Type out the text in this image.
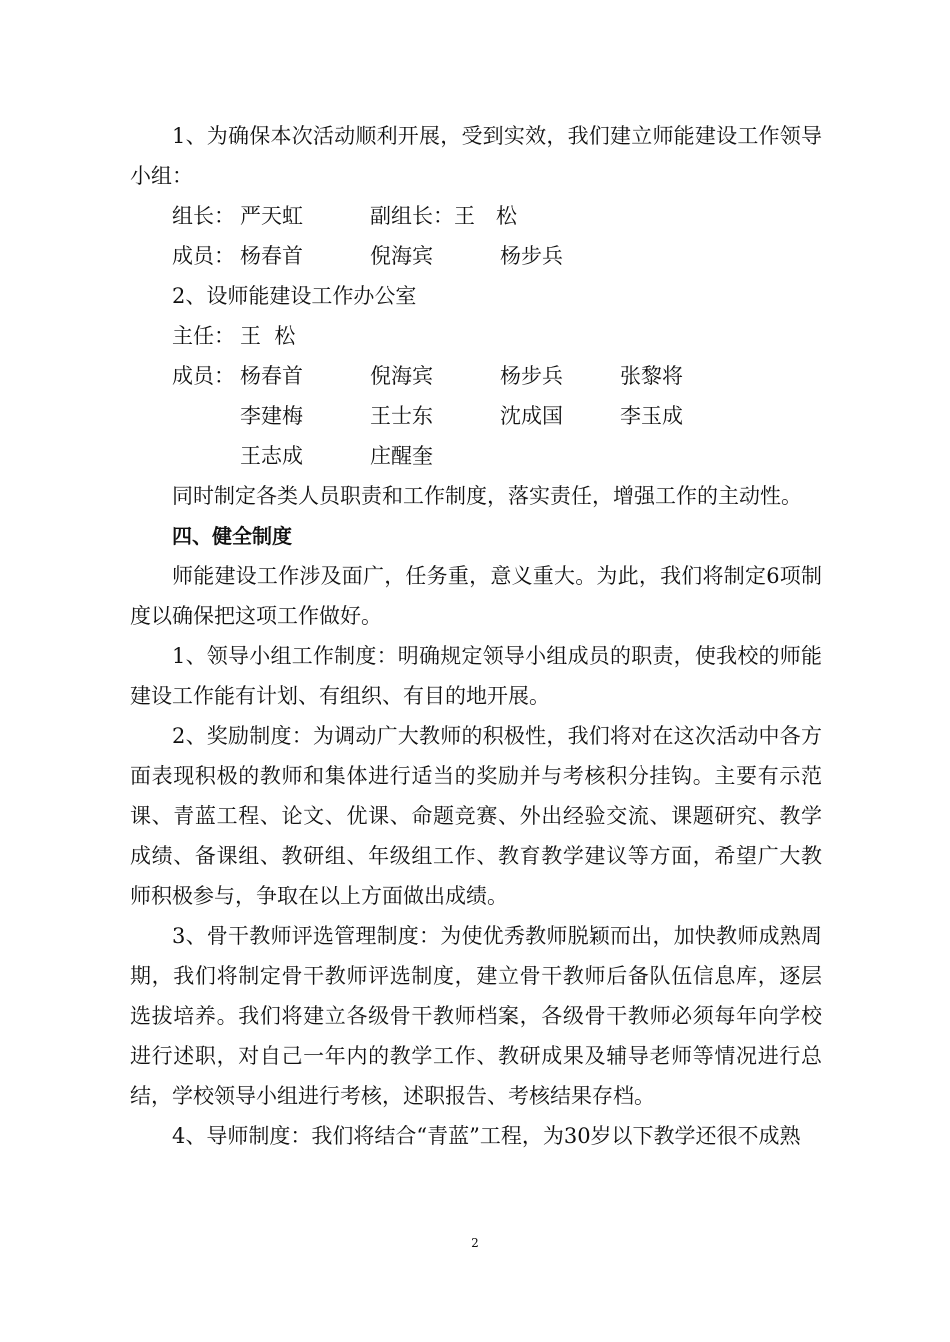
1、为确保本次活动顺利开展，受到实效，我们建立师能建设工作领导小组：

组长： 严天虹	副组长：王　松
成员： 杨春首	倪海宾	杨步兵

2、设师能建设工作办公室

主任： 王  松
成员： 杨春首	倪海宾	杨步兵	张黎将
李建梅	王士东	沈成国	李玉成
王志成	庄醒奎

同时制定各类人员职责和工作制度，落实责任，增强工作的主动性。

四、健全制度

师能建设工作涉及面广，任务重，意义重大。为此，我们将制定6项制度以确保把这项工作做好。

1、领导小组工作制度：明确规定领导小组成员的职责，使我校的师能建设工作能有计划、有组织、有目的地开展。

2、奖励制度：为调动广大教师的积极性，我们将对在这次活动中各方面表现积极的教师和集体进行适当的奖励并与考核积分挂钩。主要有示范课、青蓝工程、论文、优课、命题竞赛、外出经验交流、课题研究、教学成绩、备课组、教研组、年级组工作、教育教学建议等方面，希望广大教师积极参与，争取在以上方面做出成绩。

3、骨干教师评选管理制度：为使优秀教师脱颖而出，加快教师成熟周期，我们将制定骨干教师评选制度，建立骨干教师后备队伍信息库，逐层选拔培养。我们将建立各级骨干教师档案，各级骨干教师必须每年向学校进行述职，对自己一年内的教学工作、教研成果及辅导老师等情况进行总结，学校领导小组进行考核，述职报告、考核结果存档。

4、导师制度：我们将结合“青蓝”工程，为30岁以下教学还很不成熟

2
